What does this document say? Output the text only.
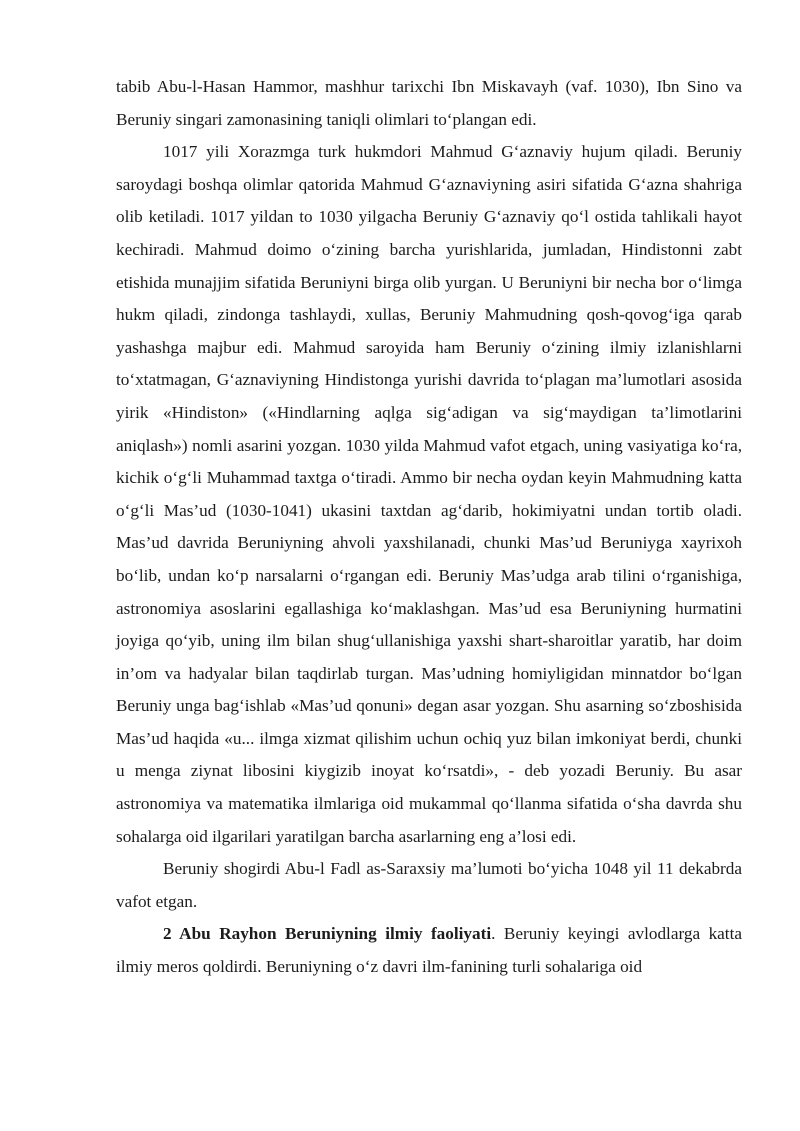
tabib Abu-l-Hasan Hammor, mashhur tarixchi Ibn Miskavayh (vaf. 1030), Ibn Sino va Beruniy singari zamonasining taniqli olimlari to‘plangan edi.

1017 yili Xorazmga turk hukmdori Mahmud G‘aznaviy hujum qiladi. Beruniy saroydagi boshqa olimlar qatorida Mahmud G‘aznaviyning asiri sifatida G‘azna shahriga olib ketiladi. 1017 yildan to 1030 yilgacha Beruniy G‘aznaviy qo‘l ostida tahlikali hayot kechiradi. Mahmud doimo o‘zining barcha yurishlarida, jumladan, Hindistonni zabt etishida munajjim sifatida Beruniyni birga olib yurgan. U Beruniyni bir necha bor o‘limga hukm qiladi, zindonga tashlaydi, xullas, Beruniy Mahmudning qosh-qovog‘iga qarab yashashga majbur edi. Mahmud saroyida ham Beruniy o‘zining ilmiy izlanishlarni to‘xtatmagan, G‘aznaviyning Hindistonga yurishi davrida to‘plagan ma’lumotlari asosida yirik «Hindiston» («Hindlarning aqlga sig‘adigan va sig‘maydigan ta’limotlarini aniqlash») nomli asarini yozgan. 1030 yilda Mahmud vafot etgach, uning vasiyatiga ko‘ra, kichik o‘g‘li Muhammad taxtga o‘tiradi. Ammo bir necha oydan keyin Mahmudning katta o‘g‘li Mas’ud (1030-1041) ukasini taxtdan ag‘darib, hokimiyatni undan tortib oladi. Mas’ud davrida Beruniyning ahvoli yaxshilanadi, chunki Mas’ud Beruniyga xayrixoh bo‘lib, undan ko‘p narsalarni o‘rgangan edi. Beruniy Mas’udga arab tilini o‘rganishiga, astronomiya asoslarini egallashiga ko‘maklashgan. Mas’ud esa Beruniyning hurmatini joyiga qo‘yib, uning ilm bilan shug‘ullanishiga yaxshi shart-sharoitlar yaratib, har doim in’om va hadyalar bilan taqdirlab turgan. Mas’udning homiyligidan minnatdor bo‘lgan Beruniy unga bag‘ishlab «Mas’ud qonuni» degan asar yozgan. Shu asarning so‘zboshisida Mas’ud haqida «u... ilmga xizmat qilishim uchun ochiq yuz bilan imkoniyat berdi, chunki u menga ziynat libosini kiygizib inoyat ko‘rsatdi», - deb yozadi Beruniy. Bu asar astronomiya va matematika ilmlariga oid mukammal qo‘llanma sifatida o‘sha davrda shu sohalarga oid ilgarilari yaratilgan barcha asarlarning eng a’losi edi.

Beruniy shogirdi Abu-l Fadl as-Saraxsiy ma’lumoti bo‘yicha 1048 yil 11 dekabrda vafot etgan.

2 Abu Rayhon Beruniyning ilmiy faoliyati. Beruniy keyingi avlodlarga katta ilmiy meros qoldirdi. Beruniyning o‘z davri ilm-fanining turli sohalariga oid
